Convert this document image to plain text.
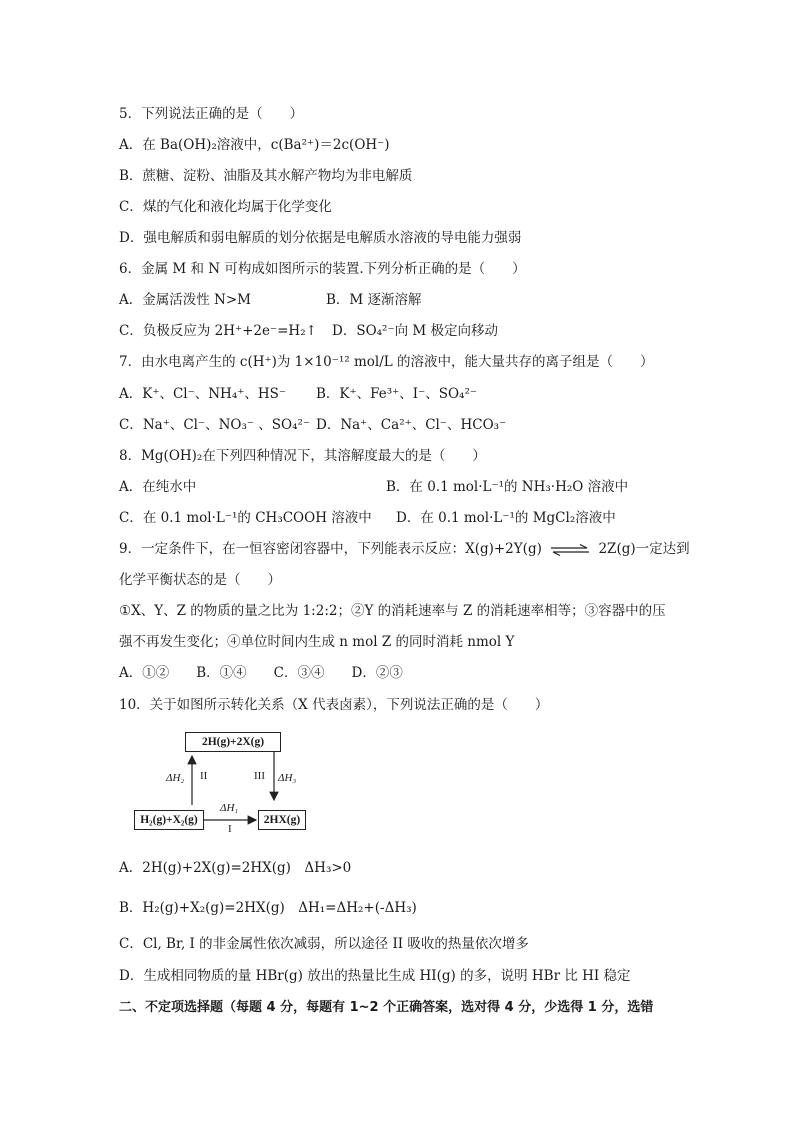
5．下列说法正确的是（　　）
A．在 Ba(OH)₂溶液中，c(Ba²⁺)＝2c(OH⁻)
B．蔗糖、淀粉、油脂及其水解产物均为非电解质
C．煤的气化和液化均属于化学变化
D．强电解质和弱电解质的划分依据是电解质水溶液的导电能力强弱
6．金属 M 和 N 可构成如图所示的装置.下列分析正确的是（　　）
A．金属活泼性 N>M	B．M 逐渐溶解
C．负极反应为 2H⁺+2e⁻=H₂↑ D．SO₄²⁻向 M 极定向移动
7．由水电离产生的 c(H⁺)为 1×10⁻¹² mol/L 的溶液中，能大量共存的离子组是（　　）
A．K⁺、Cl⁻、NH₄⁺、HS⁻ B．K⁺、Fe³⁺、I⁻、SO₄²⁻
C．Na⁺、Cl⁻、NO₃⁻ 、SO₄²⁻ D．Na⁺、Ca²⁺、Cl⁻、HCO₃⁻
8．Mg(OH)₂在下列四种情况下，其溶解度最大的是（　　）
A．在纯水中	B．在 0.1 mol·L⁻¹的 NH₃·H₂O 溶液中
C．在 0.1 mol·L⁻¹的 CH₃COOH 溶液中 D．在 0.1 mol·L⁻¹的 MgCl₂溶液中
9．一定条件下，在一恒容密闭容器中，下列能表示反应：X(g)+2Y(g) ⇌ 2Z(g)一定达到
化学平衡状态的是（　　）
①X、Y、Z 的物质的量之比为 1:2:2；②Y 的消耗速率与 Z 的消耗速率相等；③容器中的压
强不再发生变化；④单位时间内生成 n mol Z 的同时消耗 nmol Y
A．①②　　B．①④　　C．③④　　D．②③
10．关于如图所示转化关系（X 代表卤素），下列说法正确的是（　　）
2H(g)+2X(g)
H₂(g)+X₂(g)	2HX(g)
ΔH₂ II	III ΔH₃
ΔH₁
I
A．2H(g)+2X(g)=2HX(g)　ΔH₃>0
B．H₂(g)+X₂(g)=2HX(g)　ΔH₁=ΔH₂+(-ΔH₃)
C．Cl, Br, I 的非金属性依次减弱，所以途径 II 吸收的热量依次增多
D．生成相同物质的量 HBr(g) 放出的热量比生成 HI(g) 的多，说明 HBr 比 HI 稳定
二、不定项选择题（每题 4 分，每题有 1~2 个正确答案，选对得 4 分，少选得 1 分，选错
